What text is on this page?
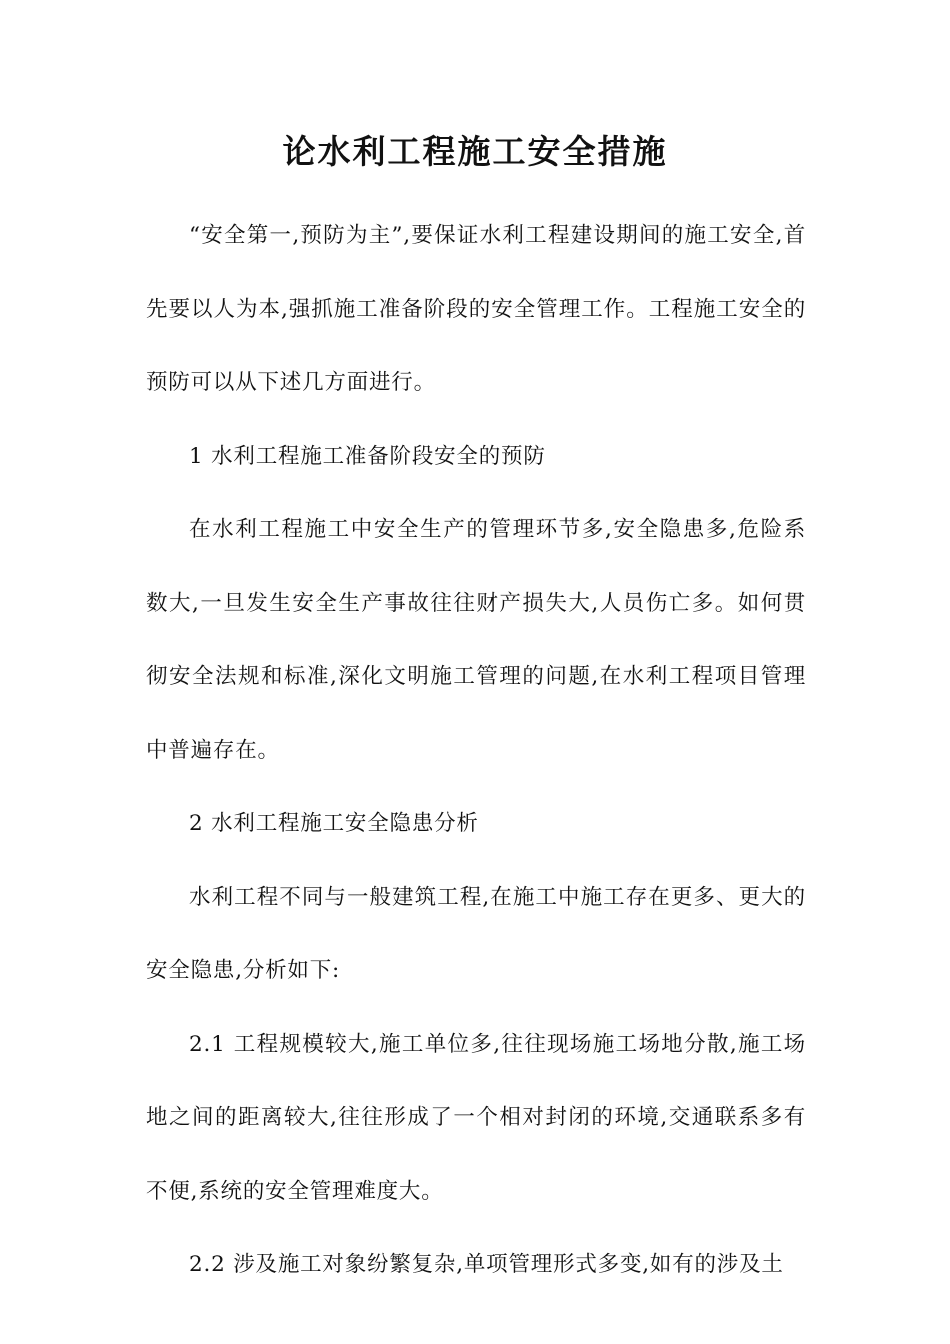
论水利工程施工安全措施

“安全第一,预防为主”,要保证水利工程建设期间的施工安全,首先要以人为本,强抓施工准备阶段的安全管理工作。工程施工安全的预防可以从下述几方面进行。

1 水利工程施工准备阶段安全的预防

在水利工程施工中安全生产的管理环节多,安全隐患多,危险系数大,一旦发生安全生产事故往往财产损失大,人员伤亡多。如何贯彻安全法规和标准,深化文明施工管理的问题,在水利工程项目管理中普遍存在。

2 水利工程施工安全隐患分析

水利工程不同与一般建筑工程,在施工中施工存在更多、更大的安全隐患,分析如下:

2.1 工程规模较大,施工单位多,往往现场施工场地分散,施工场地之间的距离较大,往往形成了一个相对封闭的环境,交通联系多有不便,系统的安全管理难度大。

2.2 涉及施工对象纷繁复杂,单项管理形式多变,如有的涉及土
